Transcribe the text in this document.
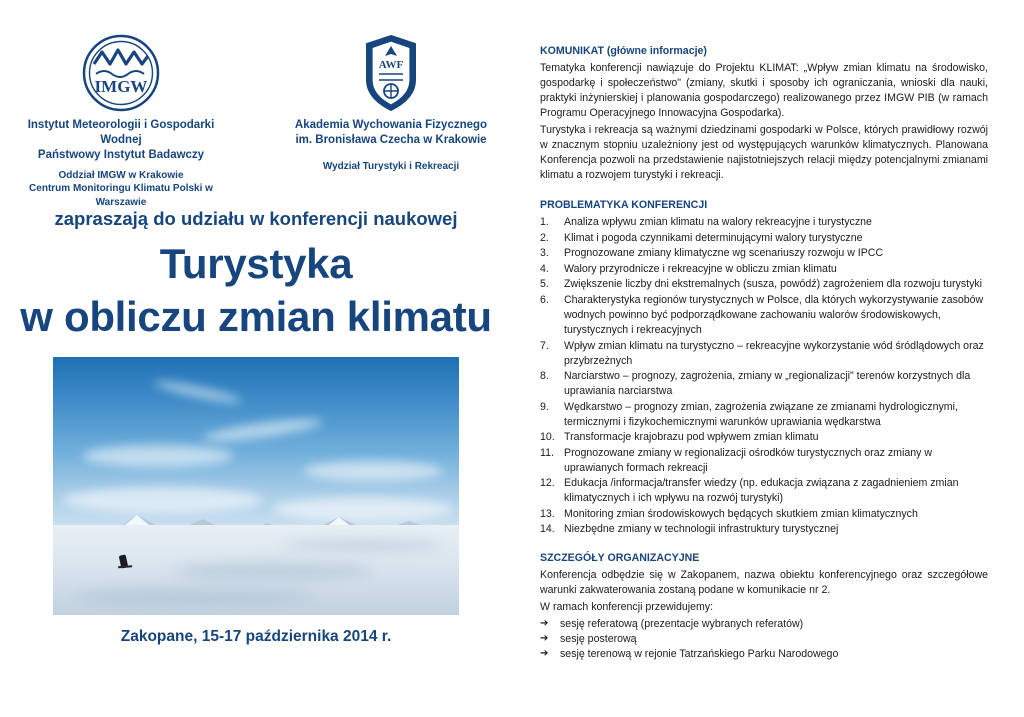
IMGW
Instytut Meteorologii i Gospodarki Wodnej
Państwowy Instytut Badawczy
Oddział IMGW w Krakowie
Centrum Monitoringu Klimatu Polski w Warszawie
AWF
Akademia Wychowania Fizycznego
im. Bronisława Czecha w Krakowie
Wydział Turystyki i Rekreacji
zapraszają do udziału w konferencji naukowej
Turystyka
w obliczu zmian klimatu
Zakopane, 15-17 października 2014 r.
KOMUNIKAT (główne informacje)

Tematyka konferencji nawiązuje do Projektu KLIMAT: „Wpływ zmian klimatu na środowisko, gospodarkę i społeczeństwo" (zmiany, skutki i sposoby ich ograniczania, wnioski dla nauki, praktyki inżynierskiej i planowania gospodarczego) realizowanego przez IMGW PIB (w ramach Programu Operacyjnego Innowacyjna Gospodarka).

Turystyka i rekreacja są ważnymi dziedzinami gospodarki w Polsce, których prawidłowy rozwój w znacznym stopniu uzależniony jest od występujących warunków klimatycznych. Planowana Konferencja pozwoli na przedstawienie najistotniejszych relacji między potencjalnymi zmianami klimatu a rozwojem turystyki i rekreacji.

PROBLEMATYKA KONFERENCJI
Analiza wpływu zmian klimatu na walory rekreacyjne i turystyczne
Klimat i pogoda czynnikami determinującymi walory turystyczne
Prognozowane zmiany klimatyczne wg scenariuszy rozwoju w IPCC
Walory przyrodnicze i rekreacyjne w obliczu zmian klimatu
Zwiększenie liczby dni ekstremalnych (susza, powódź) zagrożeniem dla rozwoju turystyki
Charakterystyka regionów turystycznych w Polsce, dla których wykorzystywanie zasobów wodnych powinno być podporządkowane zachowaniu walorów środowiskowych, turystycznych i rekreacyjnych
Wpływ zmian klimatu na turystyczno – rekreacyjne wykorzystanie wód śródlądowych oraz przybrzeżnych
Narciarstwo – prognozy, zagrożenia, zmiany w „regionalizacji" terenów korzystnych dla uprawiania narciarstwa
Wędkarstwo – prognozy zmian, zagrożenia związane ze zmianami hydrologicznymi, termicznymi i fizykochemicznymi warunków uprawiania wędkarstwa
Transformacje krajobrazu pod wpływem zmian klimatu
Prognozowane zmiany w regionalizacji ośrodków turystycznych oraz zmiany w uprawianych formach rekreacji
Edukacja /informacja/transfer wiedzy (np. edukacja związana z zagadnieniem zmian klimatycznych i ich wpływu na rozwój turystyki)
Monitoring zmian środowiskowych będących skutkiem zmian klimatycznych
Niezbędne zmiany w technologii infrastruktury turystycznej
SZCZEGÓŁY ORGANIZACYJNE

Konferencja odbędzie się w Zakopanem, nazwa obiektu konferencyjnego oraz szczegółowe warunki zakwaterowania zostaną podane w komunikacie nr 2.

W ramach konferencji przewidujemy:

➔ sesję referatową (prezentacje wybranych referatów)
➔ sesję posterową
➔ sesję terenową w rejonie Tatrzańskiego Parku Narodowego
